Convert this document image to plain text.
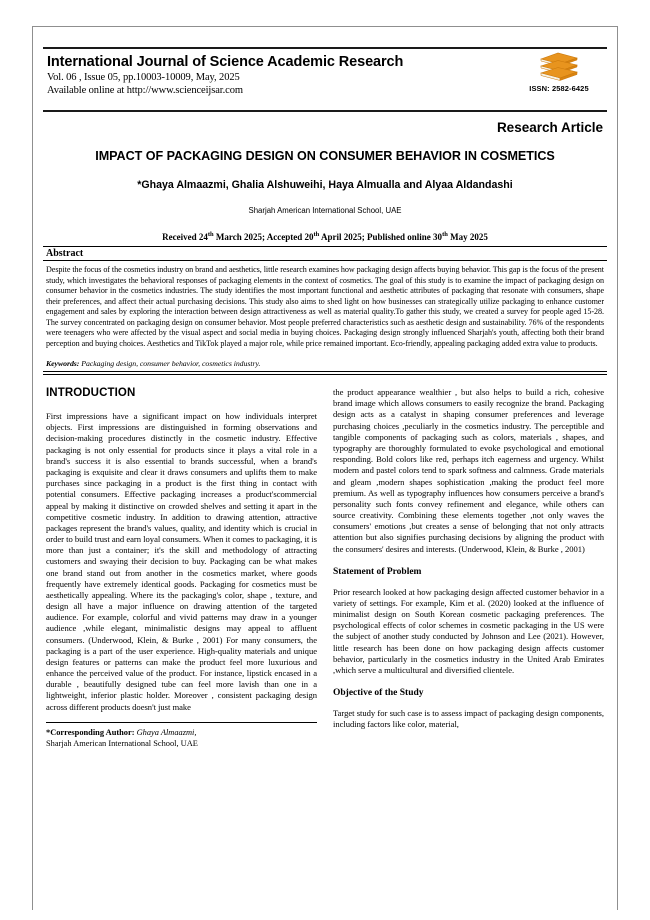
International Journal of Science Academic Research
Vol. 06 , Issue 05, pp.10003-10009, May, 2025
Available online at http://www.scienceijsar.com	ISSN: 2582-6425
Research Article
IMPACT OF PACKAGING DESIGN ON CONSUMER BEHAVIOR IN COSMETICS
*Ghaya Almaazmi, Ghalia Alshuweihi, Haya Almualla and Alyaa Aldandashi
Sharjah American International School, UAE
Received 24th March 2025; Accepted 20th April 2025; Published online 30th May 2025
Abstract
Despite the focus of the cosmetics industry on brand and aesthetics, little research examines how packaging design affects buying behavior. This gap is the focus of the present study, which investigates the behavioral responses of packaging elements in the context of cosmetics. The goal of this study is to examine the impact of packaging design on consumer behavior in the cosmetics industries. The study identifies the most important functional and aesthetic attributes of packaging that resonate with consumers, shape their preferences, and affect their actual purchasing decisions. This study also aims to shed light on how businesses can strategically utilize packaging to enhance customer engagement and sales by exploring the interaction between design attractiveness as well as material quality.To gather this study, we created a survey for people aged 15-28. The survey concentrated on packaging design on consumer behavior. Most people preferred characteristics such as aesthetic design and sustainability. 76% of the respondents were teenagers who were affected by the visual aspect and social media in buying choices. Packaging design strongly influenced Sharjah's youth, affecting both their brand perception and buying choices. Aesthetics and TikTok played a major role, while price remained important. Eco-friendly, appealing packaging added extra value to products.
Keywords: Packaging design, consumer behavior, cosmetics industry.
INTRODUCTION

First impressions have a significant impact on how individuals interpret objects. First impressions are distinguished in forming observations and decision-making procedures distinctly in the cosmetic industry. Effective packaging is not only essential for products since it plays a vital role in a brand's success it is also essential to brands successful, when a brand's packaging is exquisite and clear it draws consumers and uplifts them to make purchases since packaging in a product is the first thing in contact with potential consumers. Effective packaging increases a product'scommercial appeal by making it distinctive on crowded shelves and setting it apart in the competitive cosmetic industry. In addition to drawing attention, attractive packages represent the brand's values, quality, and identity which is crucial in order to build trust and earn loyal consumers. When it comes to packaging, it is more than just a container; it's the skill and methodology of attracting customers and swaying their decision to buy. Packaging can be what makes one brand stand out from another in the cosmetics market, where goods frequently have extremely identical goods. Packaging for cosmetics must be aesthetically appealing. Where its the packaging's color, shape , texture, and design all have a major influence on drawing attention of the targeted audience. For example, colorful and vivid patterns may draw in a younger audience ,while elegant, minimalistic designs may appeal to affluent consumers. (Underwood, Klein, & Burke , 2001) For many consumers, the packaging is a part of the user experience. High-quality materials and unique design features or patterns can make the product feel more luxurious and enhance the perceived value of the product. For instance, lipstick encased in a durable , beautifully designed tube can feel more lavish than one in a lightweight, inferior plastic holder. Moreover , consistent packaging design across different products doesn't just make

*Corresponding Author: Ghaya Almaazmi,
Sharjah American International School, UAE

the product appearance wealthier , but also helps to build a rich, cohesive brand image which allows consumers to easily recognize the brand. Packaging design acts as a catalyst in shaping consumer preferences and leverage purchasing choices ,peculiarly in the cosmetics industry. The perceptible and tangible components of packaging such as colors, materials , shapes, and typography are thoroughly formulated to evoke psychological and emotional responding. Bold colors like red, perhaps itch eagerness and urgency. Whilst modern and pastel colors tend to spark softness and calmness. Grade materials and gleam ,modern shapes sophistication ,making the product feel more premium. As well as typography influences how consumers perceive a brand's personality such fonts convey refinement and elegance, while others can source creativity. Combining these elements together ,not only waves the consumers' emotions ,but creates a sense of belonging that not only attracts attention but also signifies purchasing decisions by aligning the product with the consumers' desires and interests. (Underwood, Klein, & Burke , 2001)

Statement of Problem

Prior research looked at how packaging design affected customer behavior in a variety of settings. For example, Kim et al. (2020) looked at the influence of minimalist design on South Korean cosmetic packaging preferences. The psychological effects of color schemes in cosmetic packaging in the US were the subject of another study conducted by Johnson and Lee (2021). However, little research has been done on how packaging design affects customer behavior, particularly in the cosmetics industry in the United Arab Emirates ,which serve a multicultural and diversified clientele.

Objective of the Study

Target study for such case is to assess impact of packaging design components, including factors like color, material,
